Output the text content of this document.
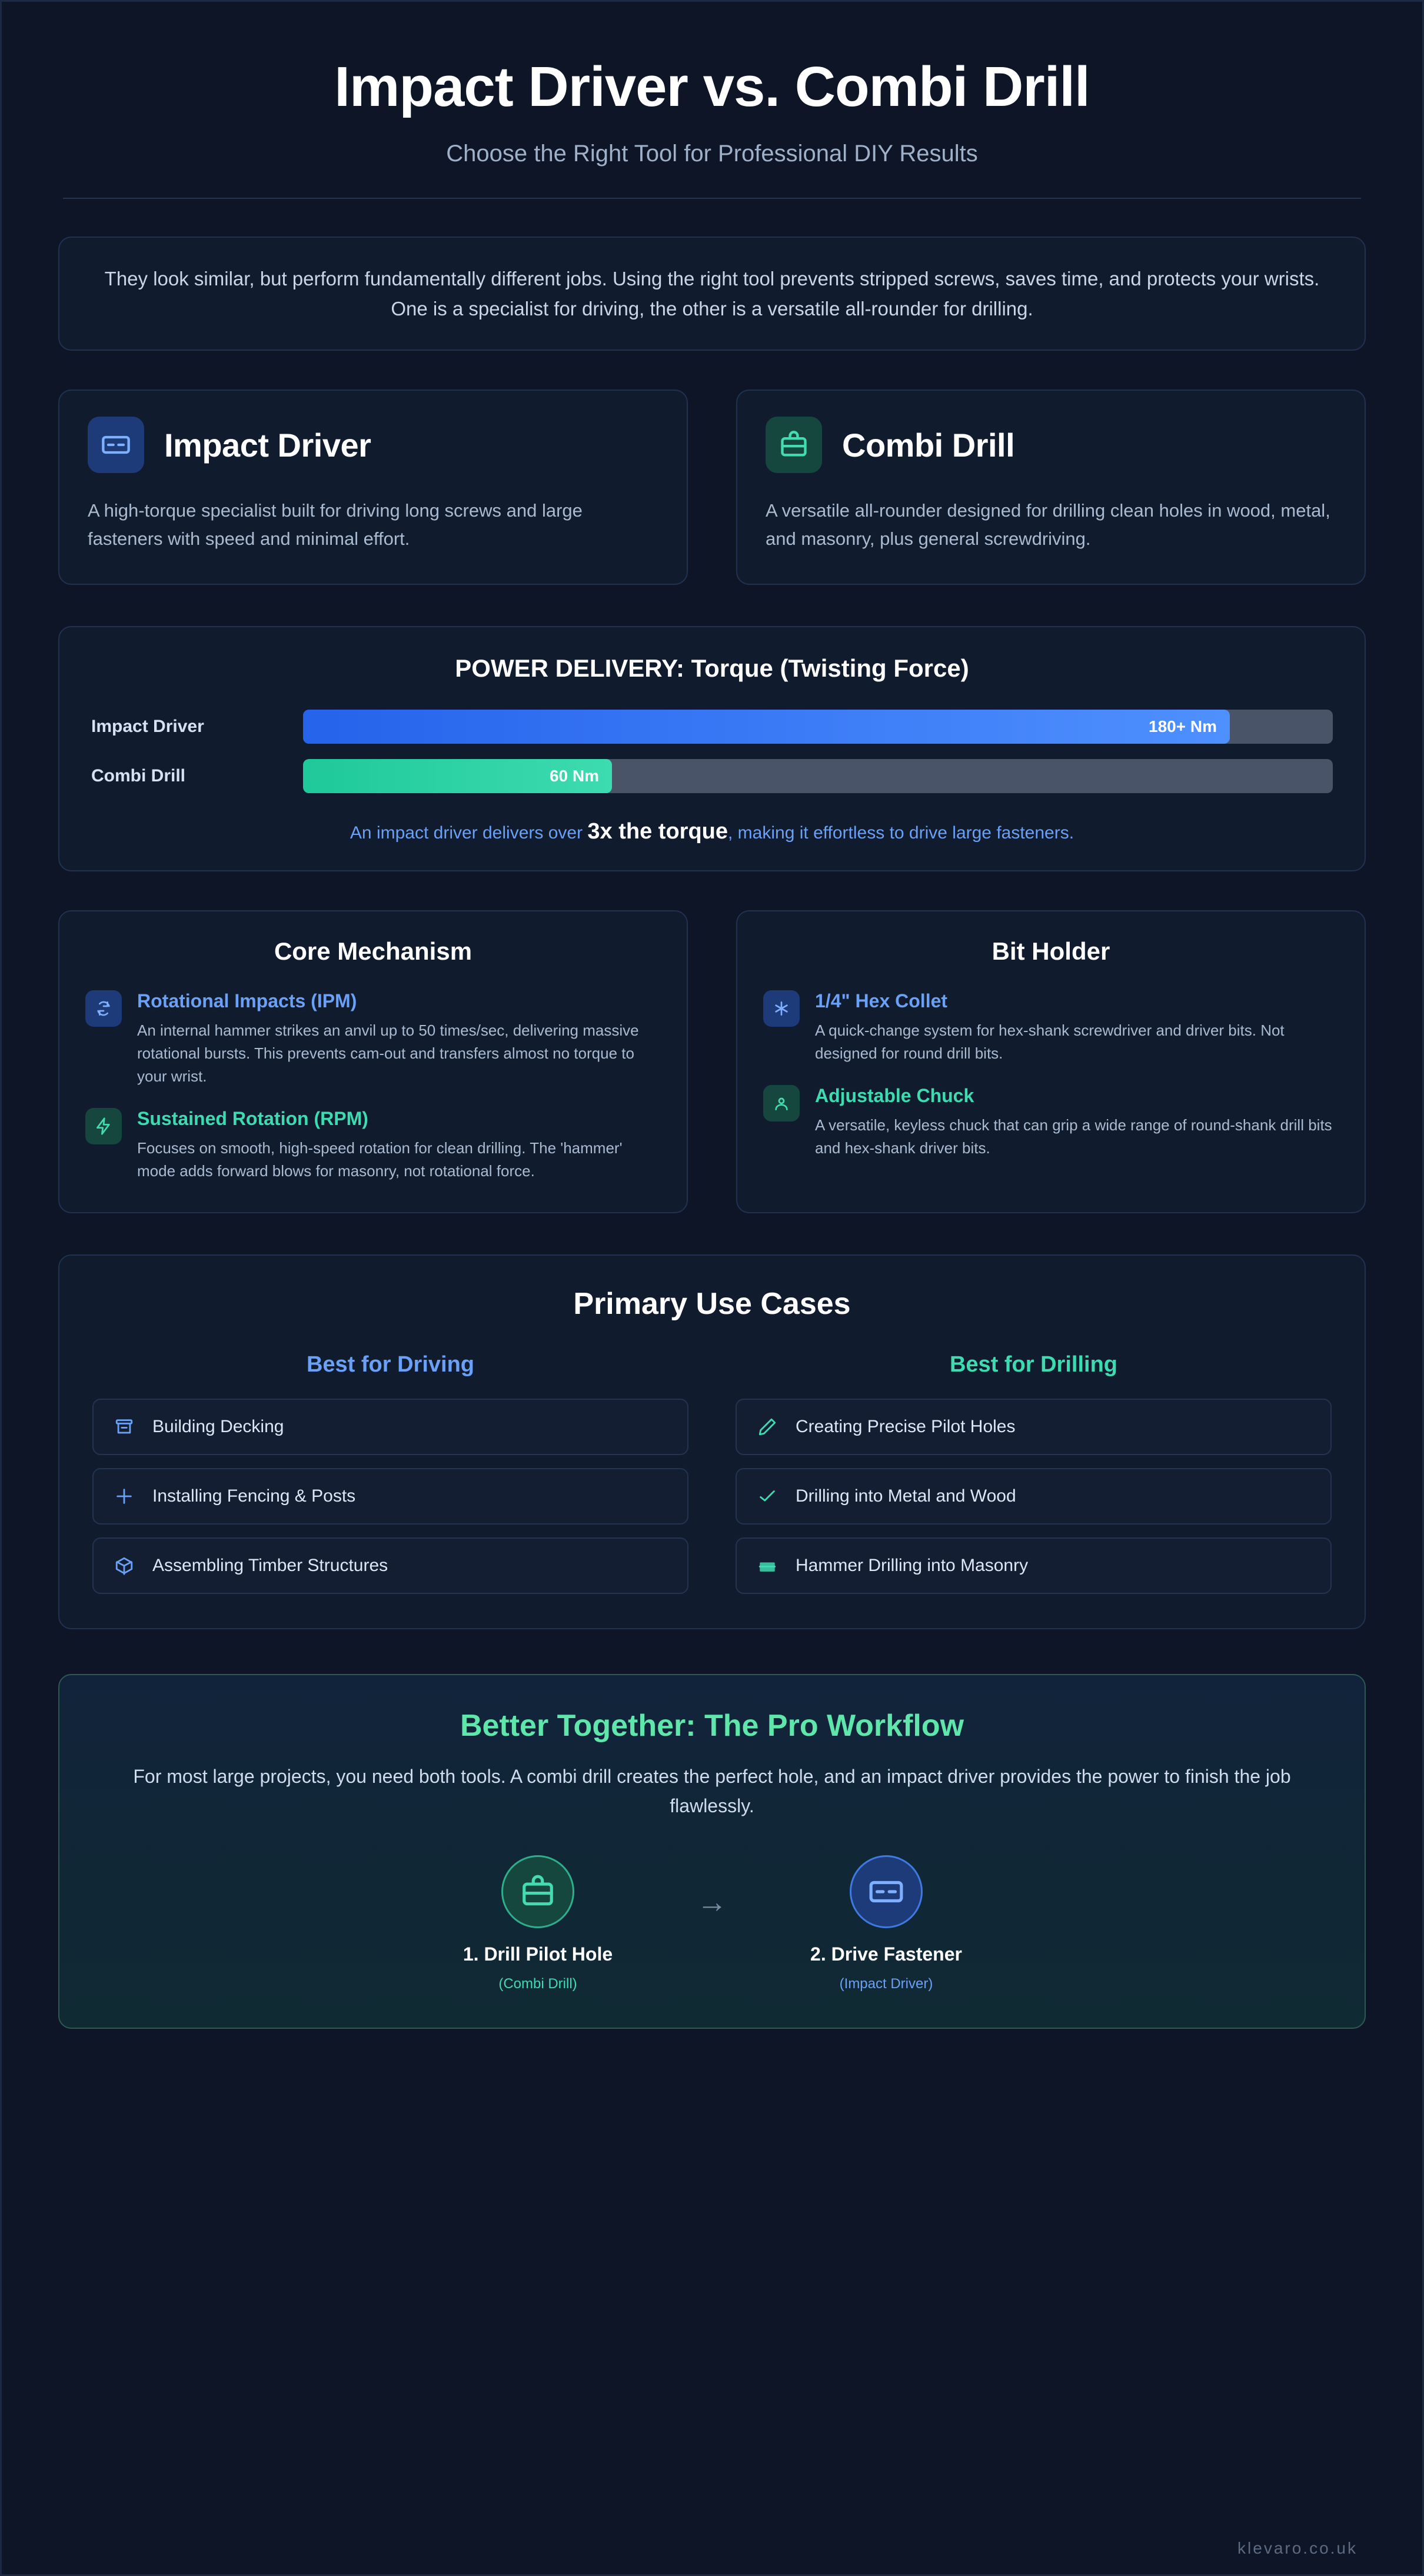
Impact Driver vs. Combi Drill
Choose the Right Tool for Professional DIY Results
They look similar, but perform fundamentally different jobs. Using the right tool prevents stripped screws, saves time, and protects your wrists. One is a specialist for driving, the other is a versatile all-rounder for drilling.
Impact Driver

A high-torque specialist built for driving long screws and large fasteners with speed and minimal effort.

Combi Drill

A versatile all-rounder designed for drilling clean holes in wood, metal, and masonry, plus general screwdriving.

POWER DELIVERY: Torque (Twisting Force)
Impact Driver	180+ Nm
Combi Drill	60 Nm
An impact driver delivers over 3x the torque, making it effortless to drive large fasteners.
Core Mechanism
Rotational Impacts (IPM)
An internal hammer strikes an anvil up to 50 times/sec, delivering massive rotational bursts. This prevents cam-out and transfers almost no torque to your wrist.
Sustained Rotation (RPM)
Focuses on smooth, high-speed rotation for clean drilling. The 'hammer' mode adds forward blows for masonry, not rotational force.
Bit Holder
1/4" Hex Collet
A quick-change system for hex-shank screwdriver and driver bits. Not designed for round drill bits.
Adjustable Chuck
A versatile, keyless chuck that can grip a wide range of round-shank drill bits and hex-shank driver bits.
Primary Use Cases
Best for Driving
Building Decking
Installing Fencing & Posts
Assembling Timber Structures
Best for Drilling
Creating Precise Pilot Holes
Drilling into Metal and Wood
Hammer Drilling into Masonry
Better Together: The Pro Workflow

For most large projects, you need both tools. A combi drill creates the perfect hole, and an impact driver provides the power to finish the job flawlessly.

1. Drill Pilot Hole
(Combi Drill)
→
2. Drive Fastener
(Impact Driver)
klevaro.co.uk
